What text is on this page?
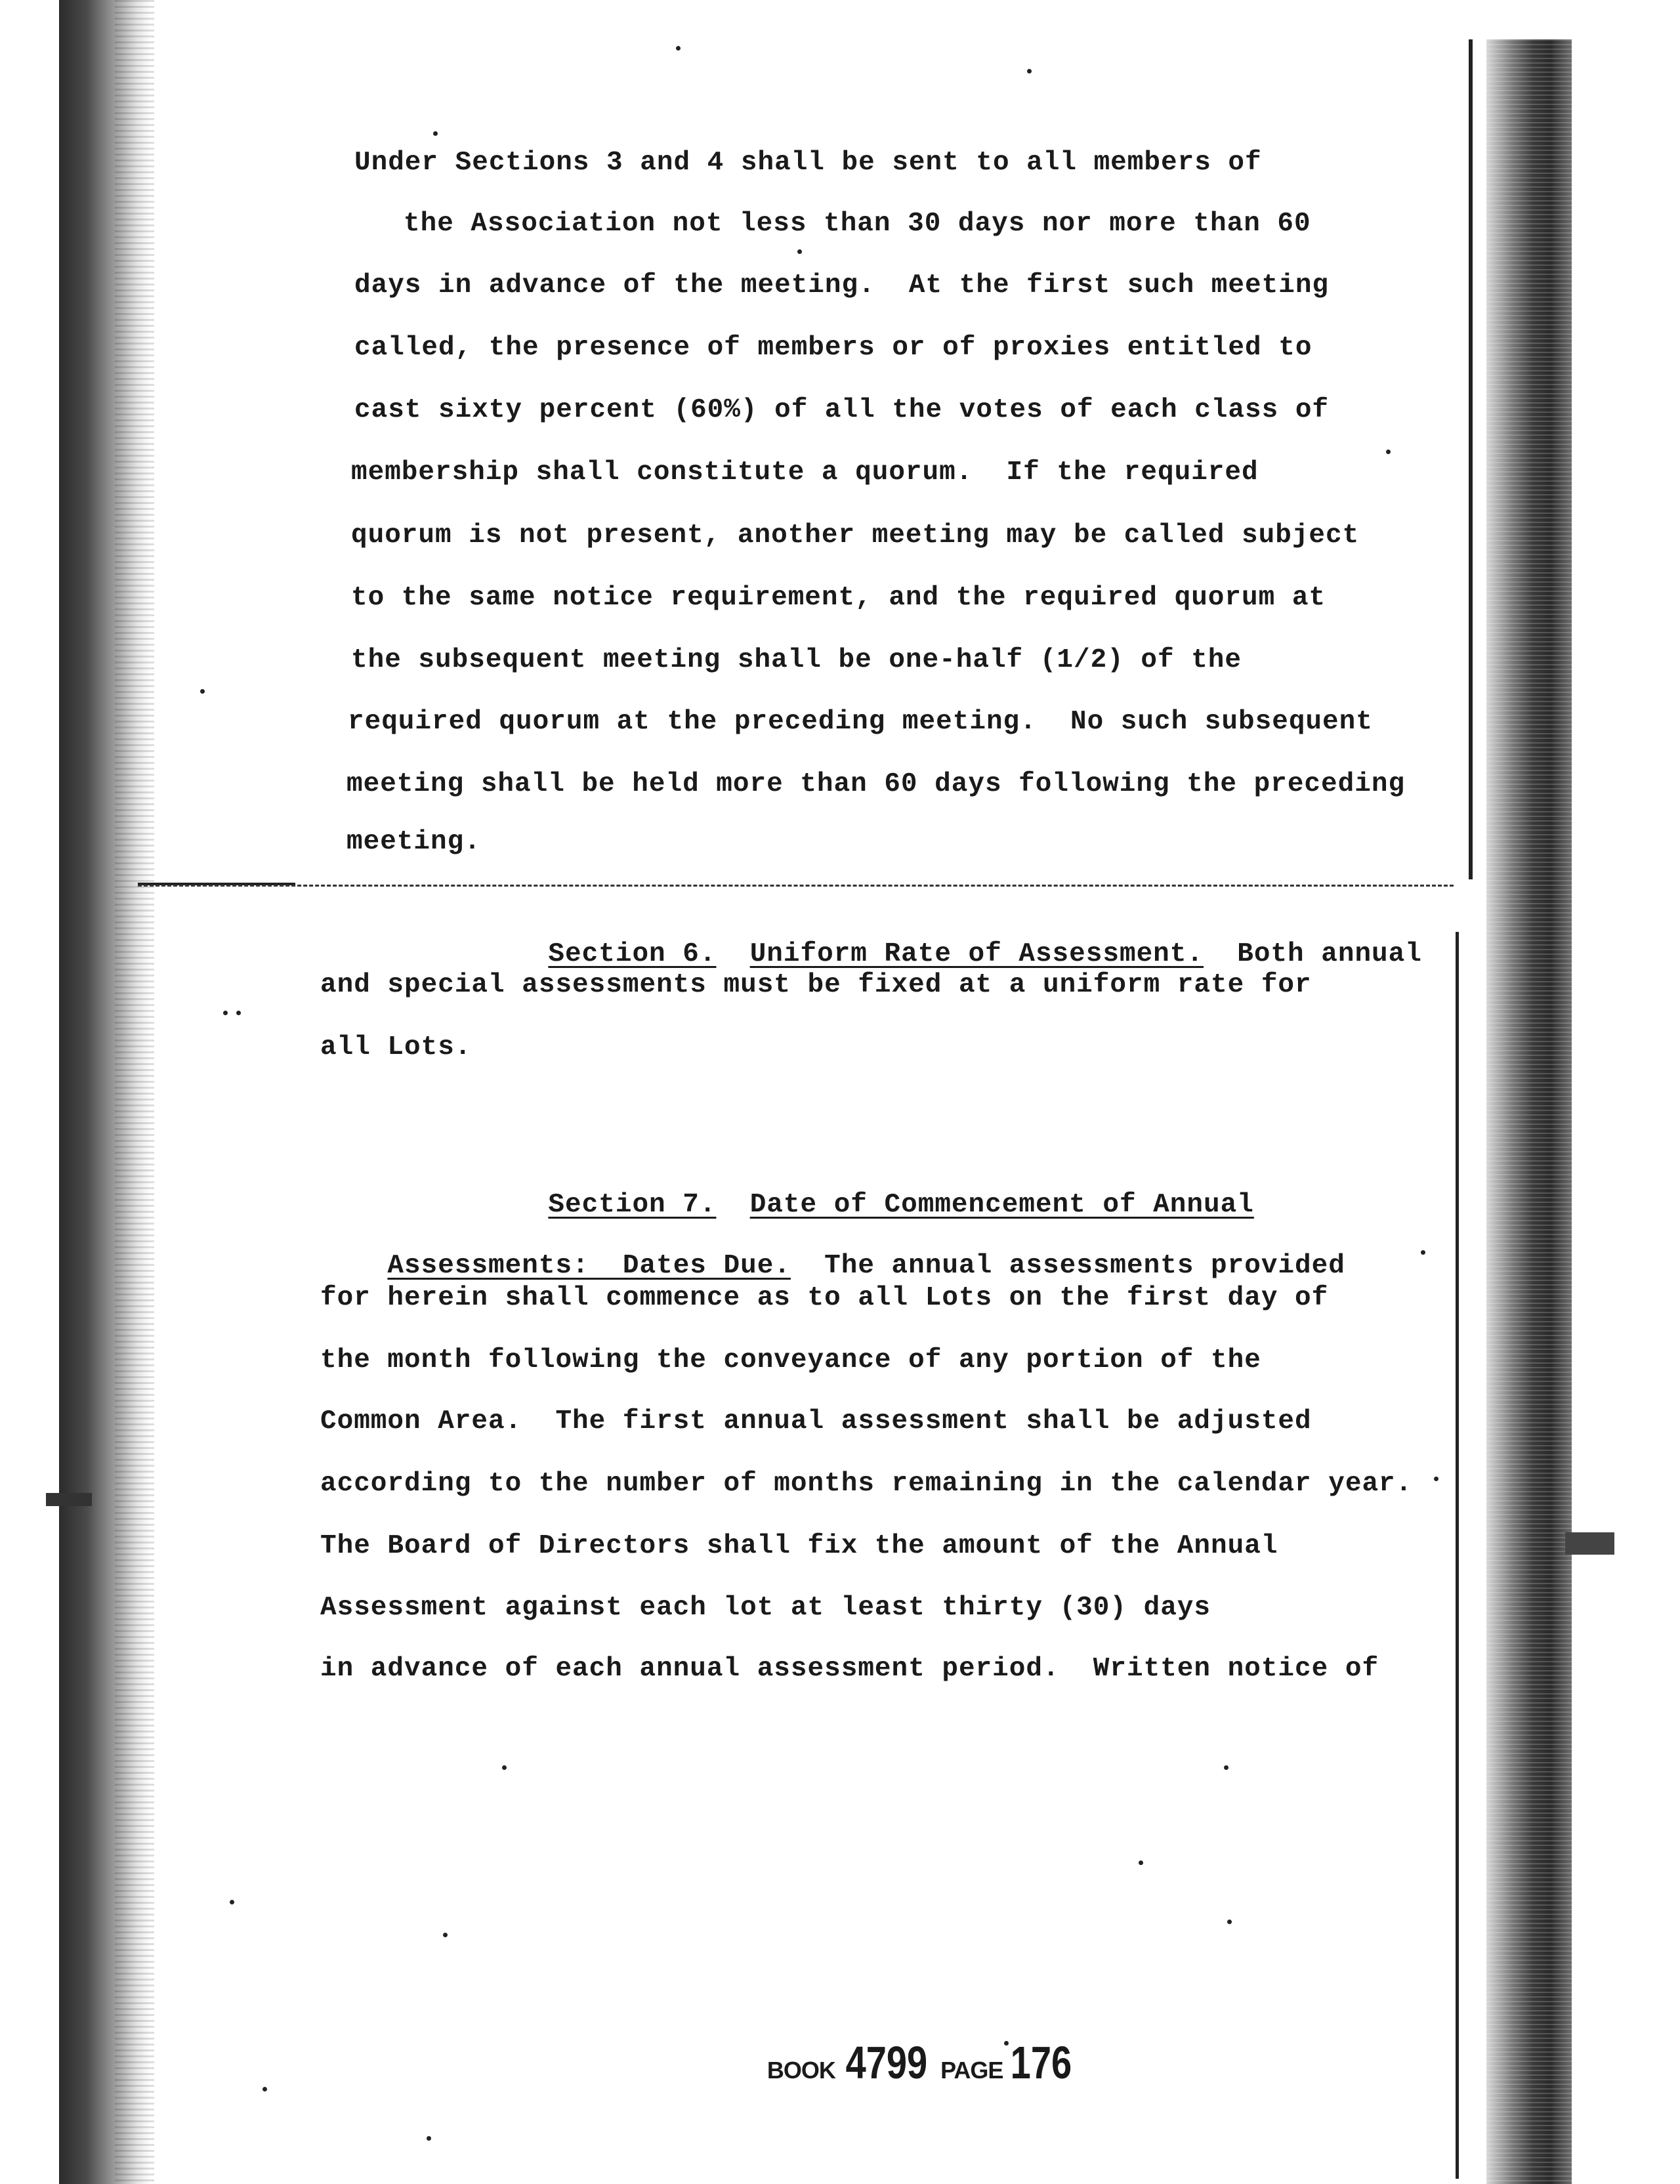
Under Sections 3 and 4 shall be sent to all members of
the Association not less than 30 days nor more than 60
days in advance of the meeting.  At the first such meeting
called, the presence of members or of proxies entitled to
cast sixty percent (60%) of all the votes of each class of
membership shall constitute a quorum.  If the required
quorum is not present, another meeting may be called subject
to the same notice requirement, and the required quorum at
the subsequent meeting shall be one-half (1/2) of the
required quorum at the preceding meeting.  No such subsequent
meeting shall be held more than 60 days following the preceding
meeting.

Section 6. Uniform Rate of Assessment. Both annual

and special assessments must be fixed at a uniform rate for
all Lots.

Section 7. Date of Commencement of Annual

Assessments:  Dates Due. The annual assessments provided

for herein shall commence as to all Lots on the first day of
the month following the conveyance of any portion of the
Common Area.  The first annual assessment shall be adjusted
according to the number of months remaining in the calendar year.
The Board of Directors shall fix the amount of the Annual
Assessment against each lot at least thirty (30) days
in advance of each annual assessment period.  Written notice of

BOOK 4799 PAGE 176
